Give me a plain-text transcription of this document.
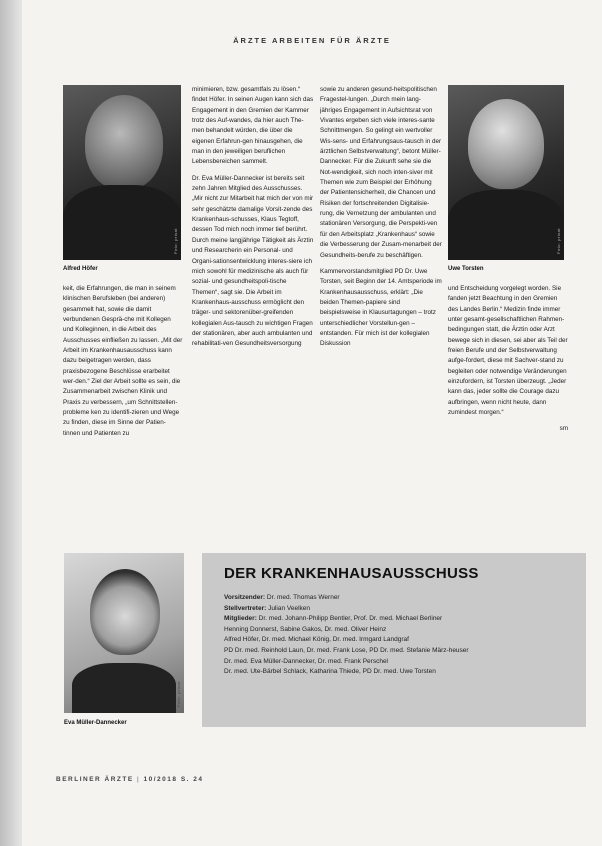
ÄRZTE ARBEITEN FÜR ÄRZTE
Foto: privat
Alfred Höfer
Foto: privat
Uwe Torsten

keit, die Erfahrungen, die man in seinem klinischen Berufsleben (bei anderen) gesammelt hat, sowie die damit verbundenen Gesprä-che mit Kollegen und Kolleginnen, in die Arbeit des Ausschusses einfließen zu lassen. „Mit der Arbeit im Krankenhausausschuss kann dazu beigetragen werden, dass praxisbezogene Beschlüsse erarbeitet wer-den.“ Ziel der Arbeit sollte es sein, die Zusammenarbeit zwischen Klinik und Praxis zu verbessern, „um Schnittstellen-probleme ken zu identifi-zieren und Wege zu finden, diese im Sinne der Patien-tinnen und Patienten zu

minimieren, bzw. gesamtfals zu lösen.“ findet Höfer. In seinen Augen kann sich das Engagement in den Gremien der Kammer trotz des Auf-wandes, da hier auch The-men behandelt würden, die über die eigenen Erfahrun-gen hinausgehen, die man in den jeweiligen beruflichen Lebensbereichen sammelt.

Dr. Eva Müller-Dannecker ist bereits seit zehn Jahren Mitglied des Ausschusses. „Mir nicht zur Mitarbeit hat mich der von mir sehr geschätzte damalige Vorsit-zende des Krankenhaus-schusses, Klaus Tegtoff, dessen Tod mich noch immer tief berührt. Durch meine langjährige Tätigkeit als Ärztin und Researcherin ein Personal- und Organi-sationsentwicklung interes-siere ich mich sowohl für medizinische als auch für sozial- und gesundheitspoli-tische Themen“, sagt sie. Die Arbeit im Krankenhaus-ausschuss ermöglicht den träger- und sektorenüber-greifenden kollegialen Aus-tausch zu wichtigen Fragen der stationären, aber auch ambulanten und rehabilitati-ven Gesundheitsversorgung

sowie zu anderen gesund-heitspolitischen Fragestel-lungen. „Durch mein lang-jähriges Engagement in Aufsichtsrat von Vivantes ergeben sich viele interes-sante Schnittmengen. So gelingt ein wertvoller Wis-sens- und Erfahrungsaus-tausch in der ärztlichen Selbstverwaltung“, betont Müller-Dannecker. Für die Zukunft sehe sie die Not-wendigkeit, sich noch inten-siver mit Themen wie zum Beispiel der Erhöhung der Patientensicherheit, die Chancen und Risiken der fortschreitenden Digitalisie-rung, die Vernetzung der ambulanten und stationären Versorgung, die Perspekti-ven für den Arbeitsplatz „Krankenhaus“ sowie die Verbesserung der Zusam-menarbeit der Gesundheits-berufe zu beschäftigen.

Kammervorstandsmitglied PD Dr. Uwe Torsten, seit Beginn der 14. Amtsperiode im Krankenhausausschuss, erklärt: „Die beiden Themen-papiere sind beispielsweise in Klausurtagungen – trotz unterschiedlicher Vorstellun-gen – entstanden. Für mich ist der kollegialen Diskussion

und Entscheidung vorgelegt worden. Sie fanden jetzt Beachtung in den Gremien des Landes Berlin.“ Medizin finde immer unter gesamt-gesellschaftlichen Rahmen-bedingungen statt, die Ärztin oder Arzt bewege sich in diesen, sei aber als Teil der freien Berufe und der Selbstverwaltung aufge-fordert, diese mit Sachver-stand zu begleiten oder notwendige Veränderungen einzufordern, ist Torsten überzeugt. „Jeder kann das, jeder sollte die Courage dazu aufbringen, wenn nicht heute, dann zumindest morgen.“

sm

Foto: privat
Eva Müller-Dannecker
DER KRANKENHAUSAUSSCHUSS
Vorsitzender: Dr. med. Thomas Werner
Stellvertreter: Julian Veelken
Mitglieder: Dr. med. Johann-Philipp Bentler, Prof. Dr. med. Michael Berliner
Henning Donnerst, Sabine Gakos, Dr. med. Oliver Heinz
Alfred Höfer, Dr. med. Michael König, Dr. med. Irmgard Landgraf
PD Dr. med. Reinhold Laun, Dr. med. Frank Lose, PD Dr. med. Stefanie März-heuser
Dr. med. Eva Müller-Dannecker, Dr. med. Frank Perschel
Dr. med. Ute-Bärbel Schlack, Katharina Thiede, PD Dr. med. Uwe Torsten
BERLINER ÄRZTE | 10/2018 S. 24
